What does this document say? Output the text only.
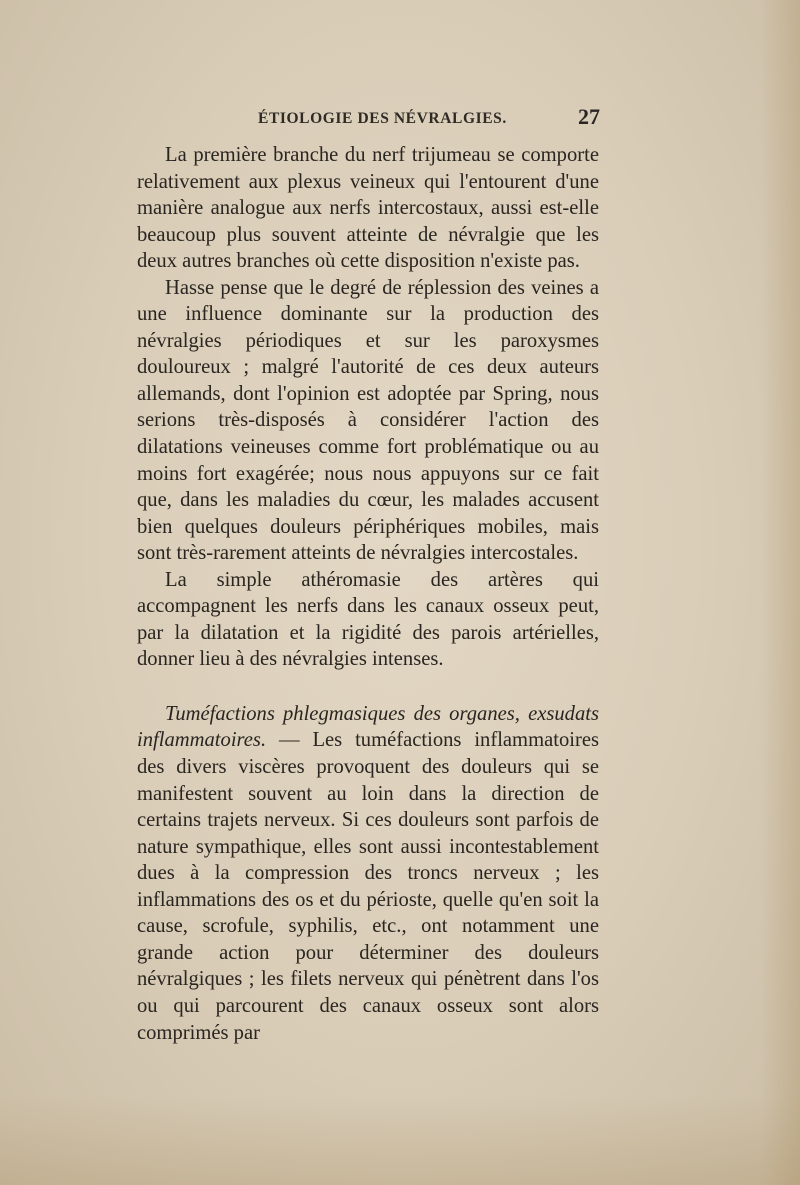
ÉTIOLOGIE DES NÉVRALGIES.	27

La première branche du nerf trijumeau se comporte relativement aux plexus veineux qui l'entourent d'une manière analogue aux nerfs intercostaux, aussi est-elle beaucoup plus souvent atteinte de névralgie que les deux autres branches où cette disposition n'existe pas.

Hasse pense que le degré de réplession des veines a une influence dominante sur la production des névralgies périodiques et sur les paroxysmes douloureux ; malgré l'autorité de ces deux auteurs allemands, dont l'opinion est adoptée par Spring, nous serions très-disposés à considérer l'action des dilatations veineuses comme fort problématique ou au moins fort exagérée; nous nous appuyons sur ce fait que, dans les maladies du cœur, les malades accusent bien quelques douleurs périphériques mobiles, mais sont très-rarement atteints de névralgies intercostales.

La simple athéromasie des artères qui accompagnent les nerfs dans les canaux osseux peut, par la dilatation et la rigidité des parois artérielles, donner lieu à des névralgies intenses.

Tuméfactions phlegmasiques des organes, exsudats inflammatoires. — Les tuméfactions inflammatoires des divers viscères provoquent des douleurs qui se manifestent souvent au loin dans la direction de certains trajets nerveux. Si ces douleurs sont parfois de nature sympathique, elles sont aussi incontestablement dues à la compression des troncs nerveux ; les inflammations des os et du périoste, quelle qu'en soit la cause, scrofule, syphilis, etc., ont notamment une grande action pour déterminer des douleurs névralgiques ; les filets nerveux qui pénètrent dans l'os ou qui parcourent des canaux osseux sont alors comprimés par
